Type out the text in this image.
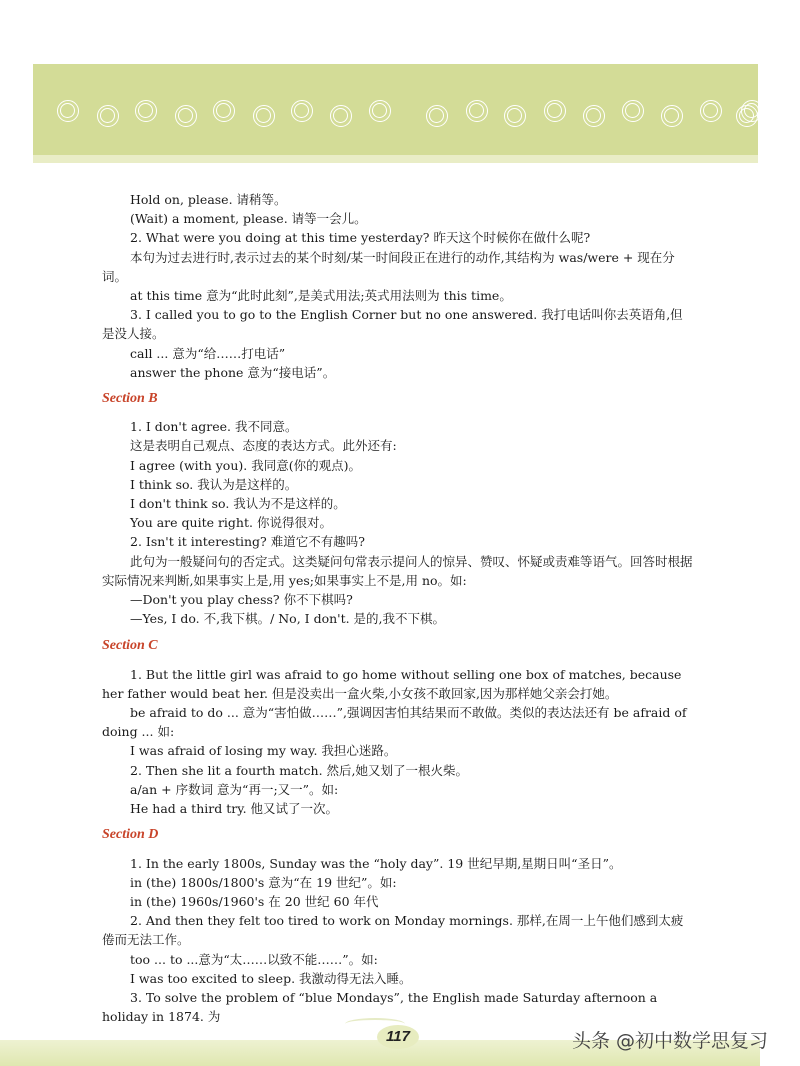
Hold on, please. 请稍等。

(Wait) a moment, please. 请等一会儿。

2. What were you doing at this time yesterday? 昨天这个时候你在做什么呢?

本句为过去进行时,表示过去的某个时刻/某一时间段正在进行的动作,其结构为 was/were + 现在分词。

at this time 意为“此时此刻”,是美式用法;英式用法则为 this time。

3. I called you to go to the English Corner but no one answered. 我打电话叫你去英语角,但是没人接。

call ... 意为“给……打电话”

answer the phone 意为“接电话”。

Section B

1. I don't agree. 我不同意。

这是表明自己观点、态度的表达方式。此外还有:

I agree (with you). 我同意(你的观点)。

I think so. 我认为是这样的。

I don't think so. 我认为不是这样的。

You are quite right. 你说得很对。

2. Isn't it interesting? 难道它不有趣吗?

此句为一般疑问句的否定式。这类疑问句常表示提问人的惊异、赞叹、怀疑或责难等语气。回答时根据实际情况来判断,如果事实上是,用 yes;如果事实上不是,用 no。如:

—Don't you play chess? 你不下棋吗?

—Yes, I do. 不,我下棋。/ No, I don't. 是的,我不下棋。

Section C

1. But the little girl was afraid to go home without selling one box of matches, because her father would beat her. 但是没卖出一盒火柴,小女孩不敢回家,因为那样她父亲会打她。

be afraid to do ... 意为“害怕做……”,强调因害怕其结果而不敢做。类似的表达法还有 be afraid of doing ... 如:

I was afraid of losing my way. 我担心迷路。

2. Then she lit a fourth match. 然后,她又划了一根火柴。

a/an + 序数词 意为“再一;又一”。如:

He had a third try. 他又试了一次。

Section D

1. In the early 1800s, Sunday was the “holy day”. 19 世纪早期,星期日叫“圣日”。

in (the) 1800s/1800's 意为“在 19 世纪”。如:

in (the) 1960s/1960's 在 20 世纪 60 年代

2. And then they felt too tired to work on Monday mornings. 那样,在周一上午他们感到太疲倦而无法工作。

too ... to ...意为“太……以致不能……”。如:

I was too excited to sleep. 我激动得无法入睡。

3. To solve the problem of “blue Mondays”, the English made Saturday afternoon a holiday in 1874. 为

117	头条 @初中数学思复习
